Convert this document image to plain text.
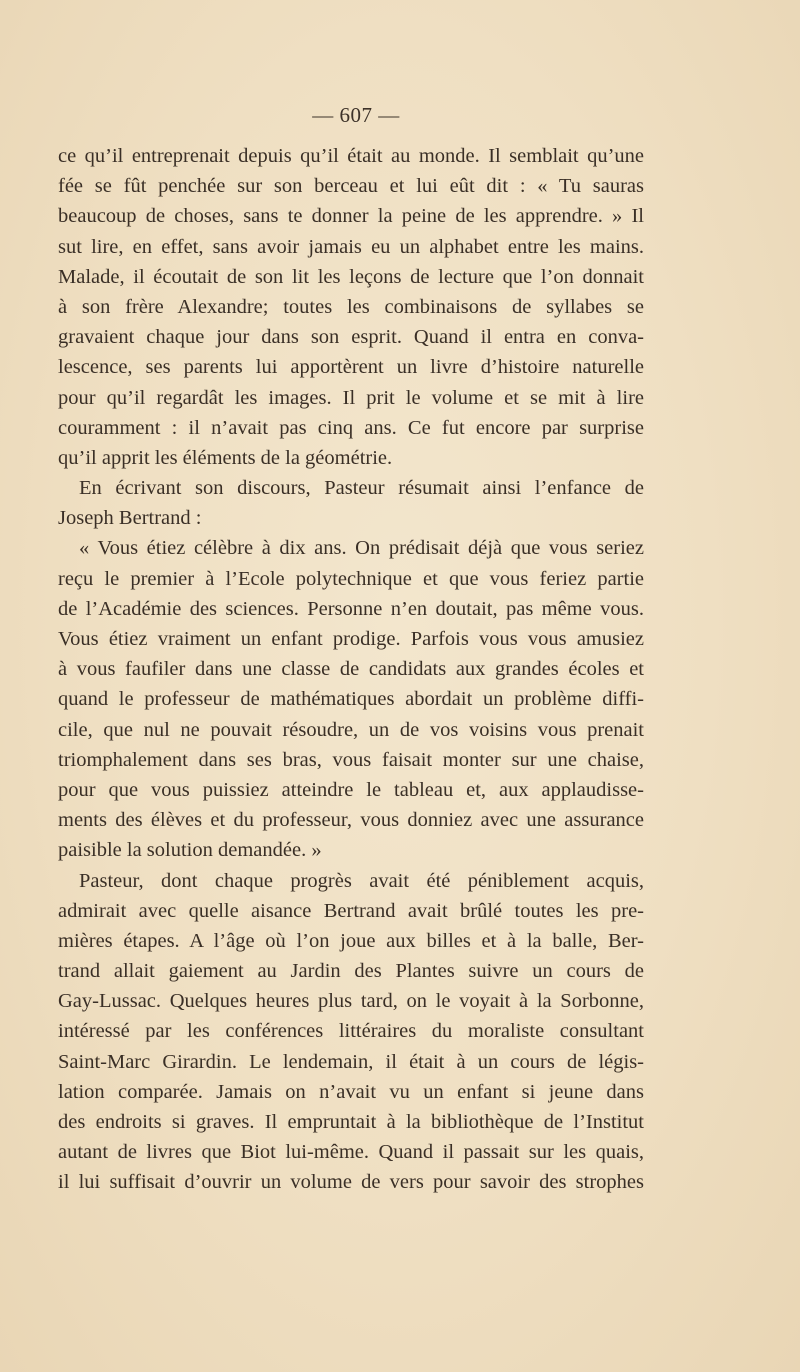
— 607 —
ce qu’il entreprenait depuis qu’il était au monde. Il semblait qu’une
fée se fût penchée sur son berceau et lui eût dit : « Tu sauras
beaucoup de choses, sans te donner la peine de les apprendre. » Il
sut lire, en effet, sans avoir jamais eu un alphabet entre les mains.
Malade, il écoutait de son lit les leçons de lecture que l’on donnait
à son frère Alexandre; toutes les combinaisons de syllabes se
gravaient chaque jour dans son esprit. Quand il entra en conva-
lescence, ses parents lui apportèrent un livre d’histoire naturelle
pour qu’il regardât les images. Il prit le volume et se mit à lire
couramment : il n’avait pas cinq ans. Ce fut encore par surprise
qu’il apprit les éléments de la géométrie.
En écrivant son discours, Pasteur résumait ainsi l’enfance de
Joseph Bertrand :
« Vous étiez célèbre à dix ans. On prédisait déjà que vous seriez
reçu le premier à l’Ecole polytechnique et que vous feriez partie
de l’Académie des sciences. Personne n’en doutait, pas même vous.
Vous étiez vraiment un enfant prodige. Parfois vous vous amusiez
à vous faufiler dans une classe de candidats aux grandes écoles et
quand le professeur de mathématiques abordait un problème diffi-
cile, que nul ne pouvait résoudre, un de vos voisins vous prenait
triomphalement dans ses bras, vous faisait monter sur une chaise,
pour que vous puissiez atteindre le tableau et, aux applaudisse-
ments des élèves et du professeur, vous donniez avec une assurance
paisible la solution demandée. »
Pasteur, dont chaque progrès avait été péniblement acquis,
admirait avec quelle aisance Bertrand avait brûlé toutes les pre-
mières étapes. A l’âge où l’on joue aux billes et à la balle, Ber-
trand allait gaiement au Jardin des Plantes suivre un cours de
Gay-Lussac. Quelques heures plus tard, on le voyait à la Sorbonne,
intéressé par les conférences littéraires du moraliste consultant
Saint-Marc Girardin. Le lendemain, il était à un cours de légis-
lation comparée. Jamais on n’avait vu un enfant si jeune dans
des endroits si graves. Il empruntait à la bibliothèque de l’Institut
autant de livres que Biot lui-même. Quand il passait sur les quais,
il lui suffisait d’ouvrir un volume de vers pour savoir des strophes
